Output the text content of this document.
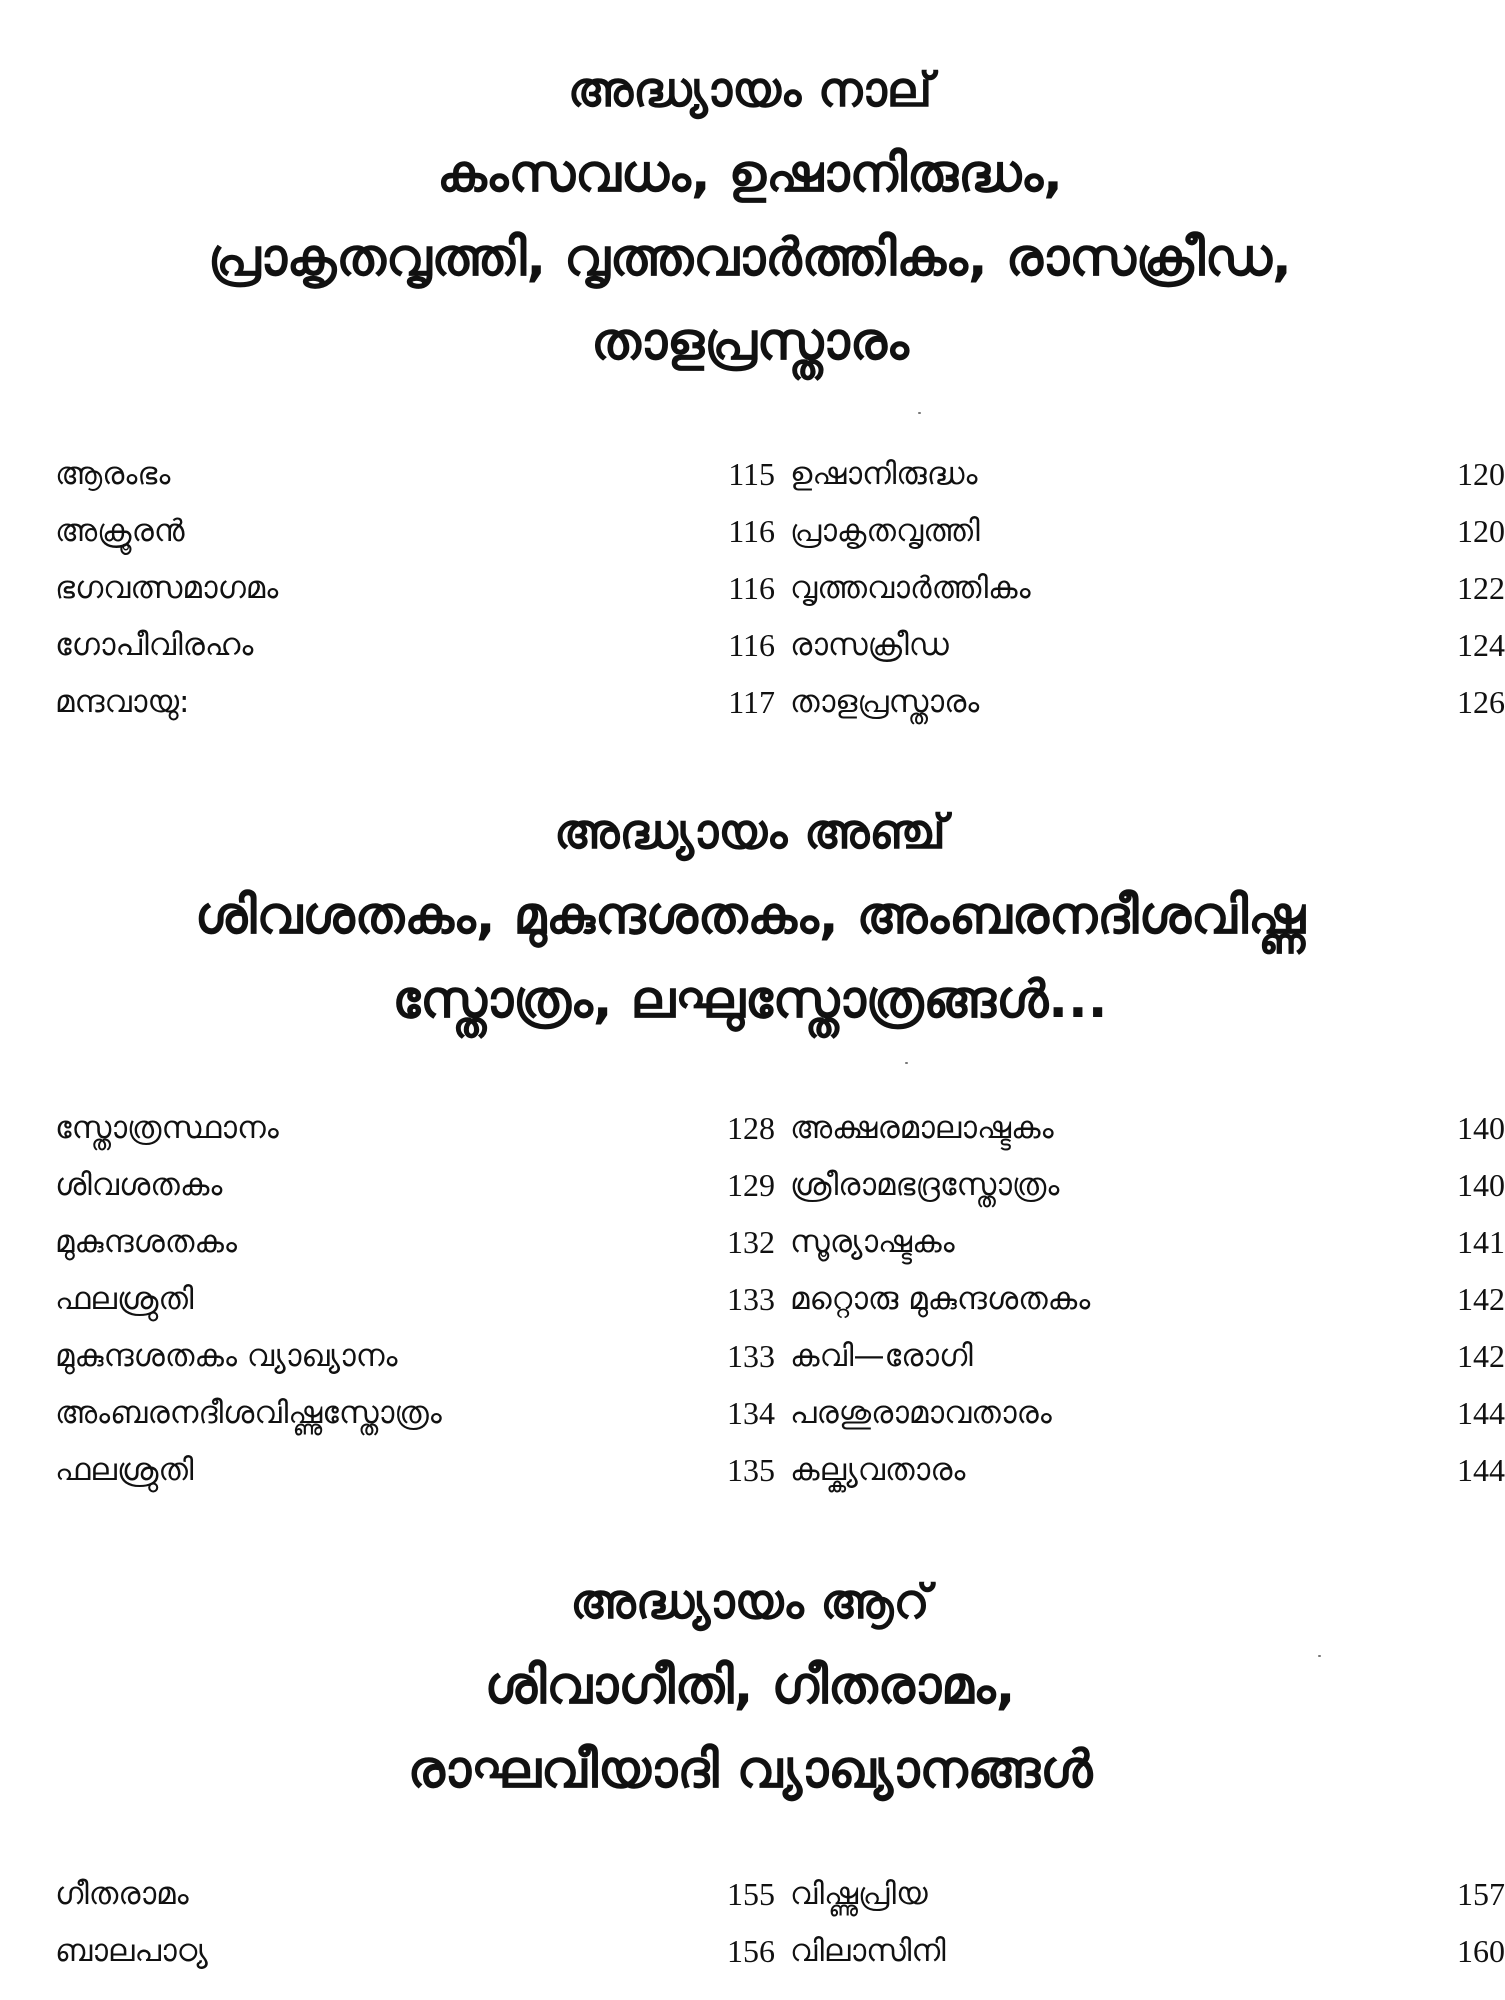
അദ്ധ്യായം നാല്
കംസവധം, ഉഷാനിരുദ്ധം,
പ്രാകൃതവൃത്തി, വൃത്തവാർത്തികം, രാസക്രീഡ,
താളപ്രസ്താരം
ആരംഭം	115 ഉഷാനിരുദ്ധം	120
അക്രൂരൻ	116 പ്രാകൃതവൃത്തി	120
ഭഗവത്സമാഗമം	116 വൃത്തവാർത്തികം	122
ഗോപീവിരഹം	116 രാസക്രീഡ	124
മന്ദവായു:	117 താളപ്രസ്താരം	126
അദ്ധ്യായം അഞ്ച്
ശിവശതകം, മുകുന്ദശതകം, അംബരനദീശവിഷ്ണ
സ്തോത്രം, ലഘുസ്തോത്രങ്ങൾ...
സ്തോത്രസ്ഥാനം	128 അക്ഷരമാലാഷ്ടകം	140
ശിവശതകം	129 ശ്രീരാമഭദ്രസ്തോത്രം	140
മുകുന്ദശതകം	132 സൂര്യാഷ്ടകം	141
ഫലശ്രുതി	133 മറ്റൊരു മുകുന്ദശതകം	142
മുകുന്ദശതകം വ്യാഖ്യാനം	133 കവി—രോഗി	142
അംബരനദീശവിഷ്ണുസ്തോത്രം	134 പരശുരാമാവതാരം	144
ഫലശ്രുതി	135 കല്ക്യവതാരം	144
അദ്ധ്യായം ആറ്
ശിവാഗീതി, ഗീതരാമം,
രാഘവീയാദി വ്യാഖ്യാനങ്ങൾ
ഗീതരാമം	155 വിഷ്ണുപ്രിയ	157
ബാലപാഠ്യ	156 വിലാസിനി	160
